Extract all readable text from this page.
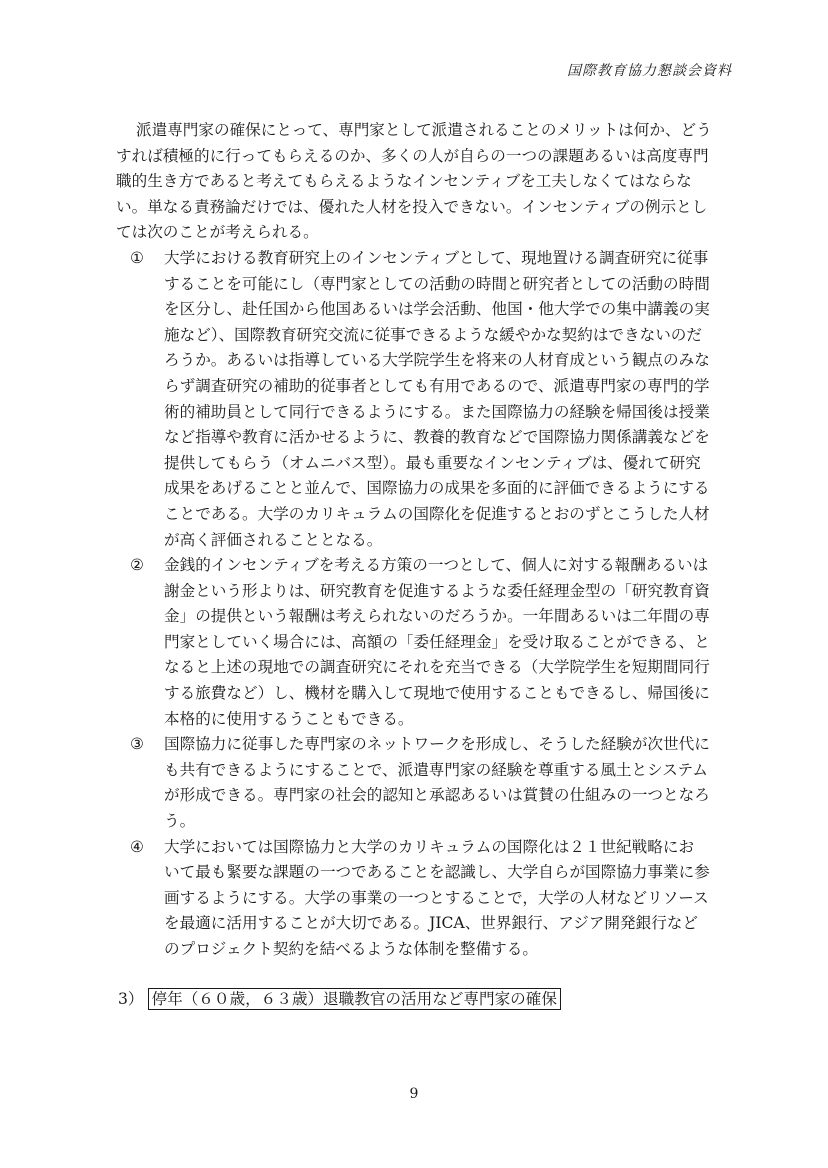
国際教育協力懇談会資料
派遣専門家の確保にとって、専門家として派遣されることのメリットは何か、どう
すれば積極的に行ってもらえるのか、多くの人が自らの一つの課題あるいは高度専門
職的生き方であると考えてもらえるようなインセンティブを工夫しなくてはならな
い。単なる責務論だけでは、優れた人材を投入できない。インセンティブの例示とし
ては次のことが考えられる。
① 大学における教育研究上のインセンティブとして、現地置ける調査研究に従事
することを可能にし（専門家としての活動の時間と研究者としての活動の時間
を区分し、赴任国から他国あるいは学会活動、他国・他大学での集中講義の実
施など）、国際教育研究交流に従事できるような緩やかな契約はできないのだ
ろうか。あるいは指導している大学院学生を将来の人材育成という観点のみな
らず調査研究の補助的従事者としても有用であるので、派遣専門家の専門的学
術的補助員として同行できるようにする。また国際協力の経験を帰国後は授業
など指導や教育に活かせるように、教養的教育などで国際協力関係講義などを
提供してもらう（オムニバス型）。最も重要なインセンティブは、優れて研究
成果をあげることと並んで、国際協力の成果を多面的に評価できるようにする
ことである。大学のカリキュラムの国際化を促進するとおのずとこうした人材
が高く評価されることとなる。
② 金銭的インセンティブを考える方策の一つとして、個人に対する報酬あるいは
謝金という形よりは、研究教育を促進するような委任経理金型の「研究教育資
金」の提供という報酬は考えられないのだろうか。一年間あるいは二年間の専
門家としていく場合には、高額の「委任経理金」を受け取ることができる、と
なると上述の現地での調査研究にそれを充当できる（大学院学生を短期間同行
する旅費など）し、機材を購入して現地で使用することもできるし、帰国後に
本格的に使用するうこともできる。
③ 国際協力に従事した専門家のネットワークを形成し、そうした経験が次世代に
も共有できるようにすることで、派遣専門家の経験を尊重する風土とシステム
が形成できる。専門家の社会的認知と承認あるいは賞賛の仕組みの一つとなろ
う。
④ 大学においては国際協力と大学のカリキュラムの国際化は２１世紀戦略にお
いて最も緊要な課題の一つであることを認識し、大学自らが国際協力事業に参
画するようにする。大学の事業の一つとすることで，大学の人材などリソース
を最適に活用することが大切である。JICA、世界銀行、アジア開発銀行など
のプロジェクト契約を結べるような体制を整備する。
3） 停年（６０歳，６３歳）退職教官の活用など専門家の確保
9
